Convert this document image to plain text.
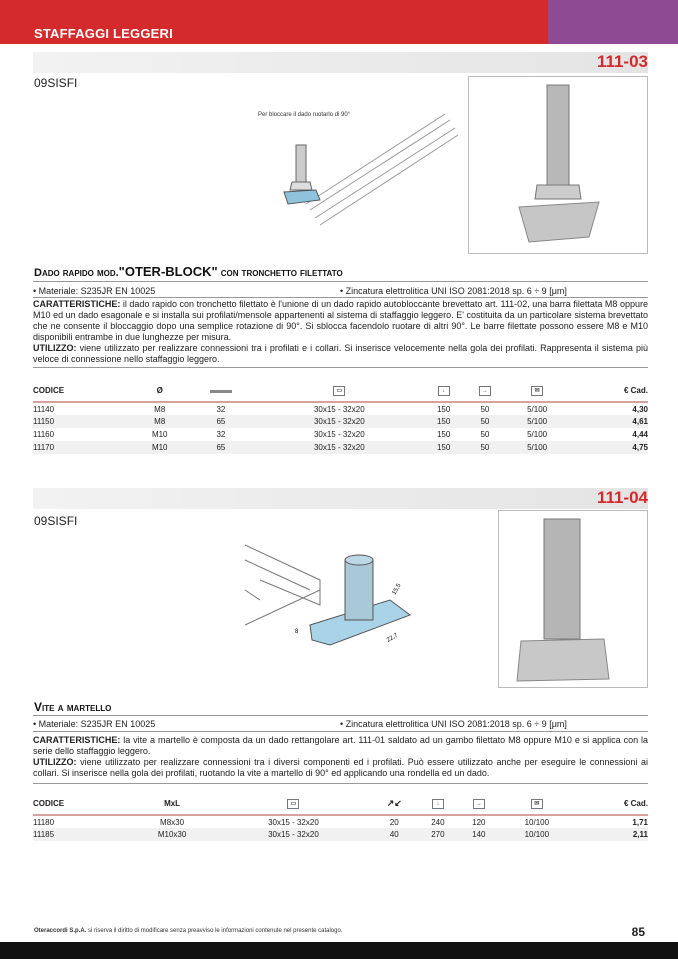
STAFFAGGI LEGGERI
111-03
09SISFI
Per bloccare il dado ruotarlo di 90°
Dado rapido mod."OTER-BLOCK" con tronchetto filettato
• Materiale: S235JR EN 10025	• Zincatura elettrolitica UNI ISO 2081:2018 sp. 6 ÷ 9 [μm]
CARATTERISTICHE: il dado rapido con tronchetto filettato è l'unione di un dado rapido autobloccante brevettato art. 111-02, una barra filettata M8 oppure M10 ed un dado esagonale e si installa sui profilati/mensole appartenenti al sistema di staffaggio leggero. E' costituita da un particolare sistema brevettato che ne consente il bloccaggio dopo una semplice rotazione di 90°. Si sblocca facendolo ruotare di altri 90°. Le barre filettate possono essere M8 e M10 disponibili entrambe in due lunghezze per misura.
UTILIZZO: viene utilizzato per realizzare connessioni tra i profilati e i collari. Si inserisce velocemente nella gola dei profilati. Rappresenta il sistema più veloce di connessione nello staffaggio leggero.
CODICE	Ø		▭	↓	→	✉	€ Cad.
11140	M8	32	30x15 - 32x20	150	50	5/100	4,30
11150	M8	65	30x15 - 32x20	150	50	5/100	4,61
11160	M10	32	30x15 - 32x20	150	50	5/100	4,44
11170	M10	65	30x15 - 32x20	150	50	5/100	4,75
111-04
09SISFI
15,5
8
22,7
Vite a martello
• Materiale: S235JR EN 10025	• Zincatura elettrolitica UNI ISO 2081:2018 sp. 6 ÷ 9 [μm]
CARATTERISTICHE: la vite a martello è composta da un dado rettangolare art. 111-01 saldato ad un gambo filettato M8 oppure M10 e si applica con la serie dello staffaggio leggero.
UTILIZZO: viene utilizzato per realizzare connessioni tra i diversi componenti ed i profilati. Può essere utilizzato anche per eseguire le connessioni ai collari. Si inserisce nella gola dei profilati, ruotando la vite a martello di 90° ed applicando una rondella ed un dado.
CODICE	MxL	▭	↗↙	↓	→	✉	€ Cad.
11180	M8x30	30x15 - 32x20	20	240	120	10/100	1,71
11185	M10x30	30x15 - 32x20	40	270	140	10/100	2,11
Oteraccordi S.p.A. si riserva il diritto di modificare senza preavviso le informazioni contenute nel presente catalogo.	85
